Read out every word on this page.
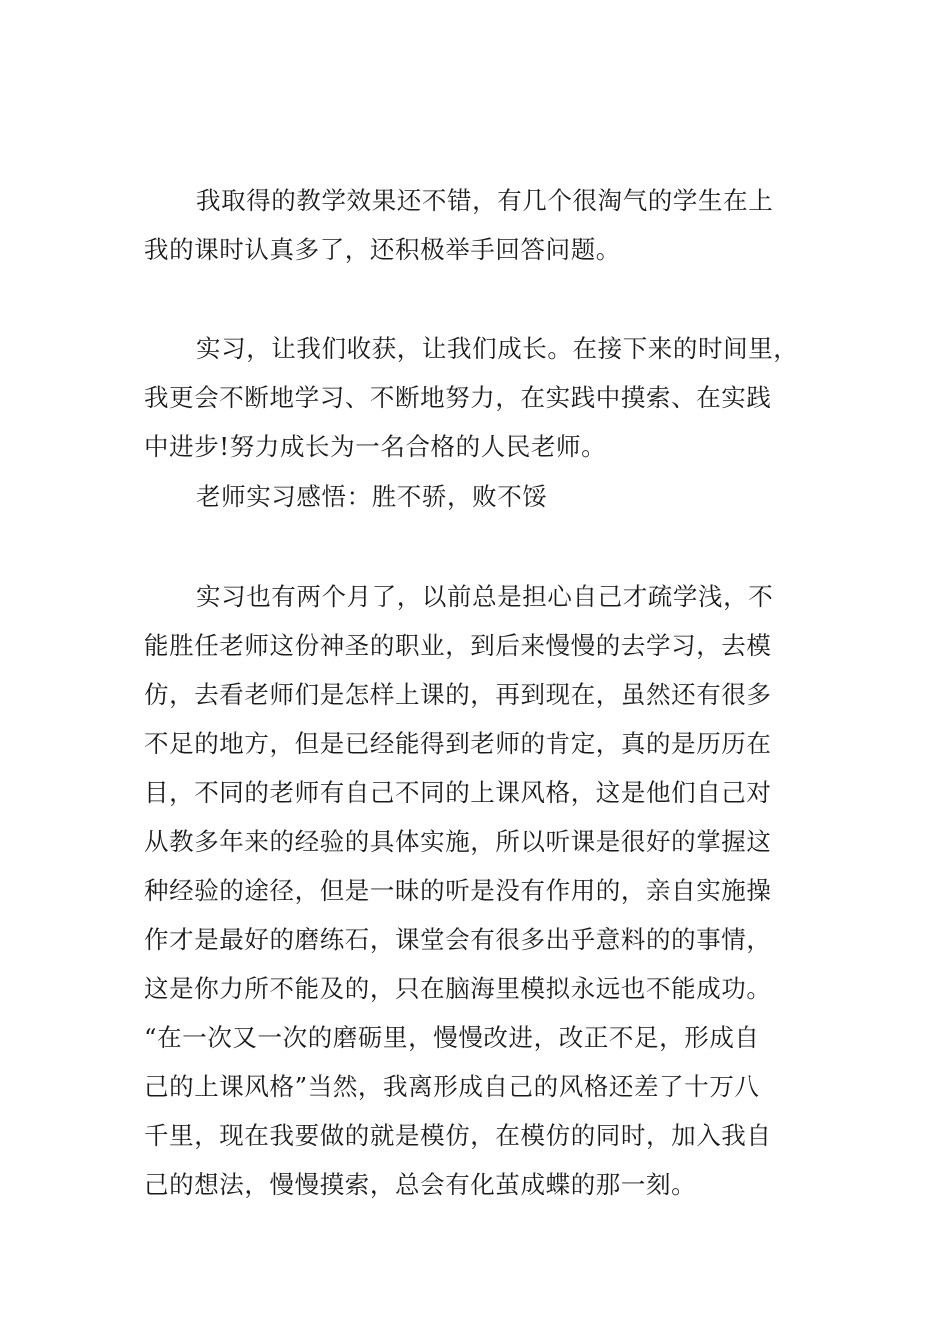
我取得的教学效果还不错，有几个很淘气的学生在上
我的课时认真多了，还积极举手回答问题。
实习，让我们收获，让我们成长。在接下来的时间里，
我更会不断地学习、不断地努力，在实践中摸索、在实践
中进步!努力成长为一名合格的人民老师。
老师实习感悟：胜不骄，败不馁
实习也有两个月了，以前总是担心自己才疏学浅，不
能胜任老师这份神圣的职业，到后来慢慢的去学习，去模
仿，去看老师们是怎样上课的，再到现在，虽然还有很多
不足的地方，但是已经能得到老师的肯定，真的是历历在
目，不同的老师有自己不同的上课风格，这是他们自己对
从教多年来的经验的具体实施，所以听课是很好的掌握这
种经验的途径，但是一昧的听是没有作用的，亲自实施操
作才是最好的磨练石，课堂会有很多出乎意料的的事情，
这是你力所不能及的，只在脑海里模拟永远也不能成功。
“在一次又一次的磨砺里，慢慢改进，改正不足，形成自
己的上课风格”当然，我离形成自己的风格还差了十万八
千里，现在我要做的就是模仿，在模仿的同时，加入我自
己的想法，慢慢摸索，总会有化茧成蝶的那一刻。
